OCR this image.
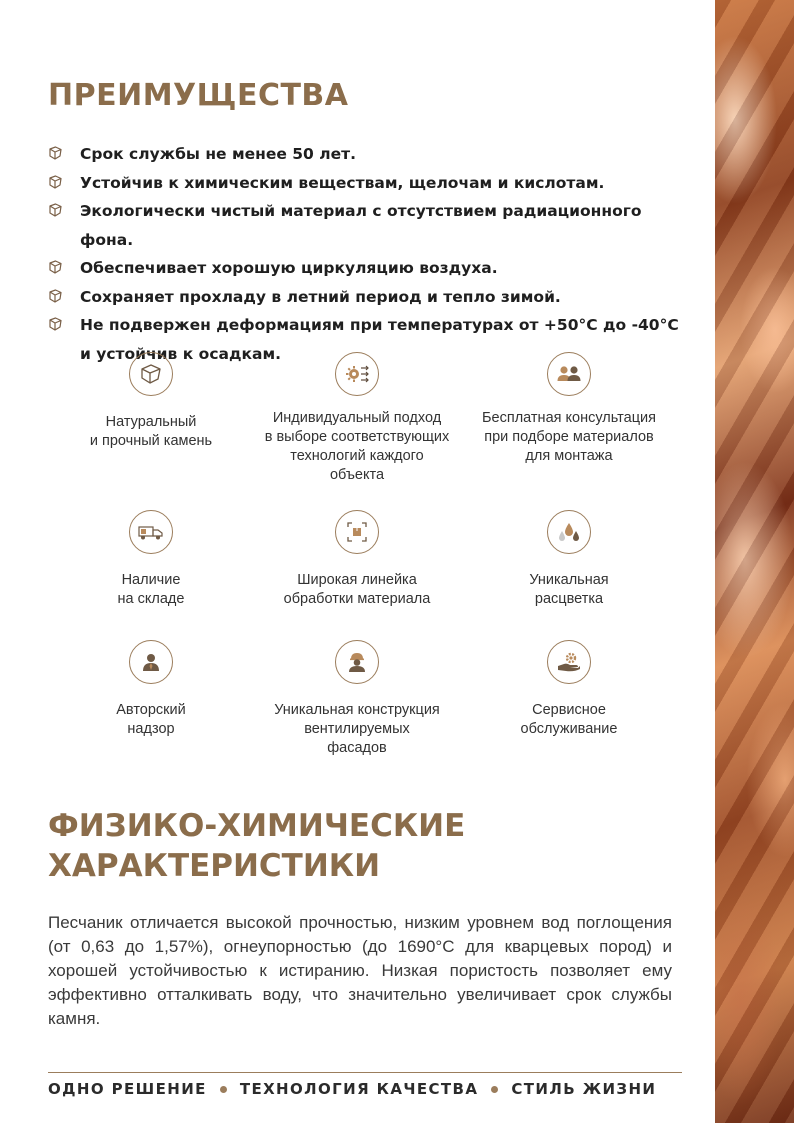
ПРЕИМУЩЕСТВА
Срок службы не менее 50 лет.
Устойчив к химическим веществам, щелочам и кислотам.
Экологически чистый материал с отсутствием радиационного фона.
Обеспечивает хорошую циркуляцию воздуха.
Сохраняет прохладу в летний период и тепло зимой.
Не подвержен деформациям при температурах от +50°С до -40°С
и устойчив к осадкам.
Натуральный
и прочный камень
Индивидуальный подход
в выборе соответствующих
технологий каждого
объекта
Бесплатная консультация
при подборе материалов
для монтажа
Наличие
на складе
Широкая линейка
обработки материала
Уникальная
расцветка
Авторский
надзор
Уникальная конструкция
вентилируемых
фасадов
Сервисное
обслуживание
ФИЗИКО-ХИМИЧЕСКИЕ
ХАРАКТЕРИСТИКИ

Песчаник отличается высокой прочностью, низким уровнем вод поглощения (от 0,63 до 1,57%), огнеупорностью (до 1690°С для кварцевых пород) и хорошей устойчивостью к истиранию. Низкая пористость позволяет ему эффективно отталкивать воду, что значительно увеличивает срок службы камня.

ОДНО РЕШЕНИЕ ТЕХНОЛОГИЯ КАЧЕСТВА СТИЛЬ ЖИЗНИ
